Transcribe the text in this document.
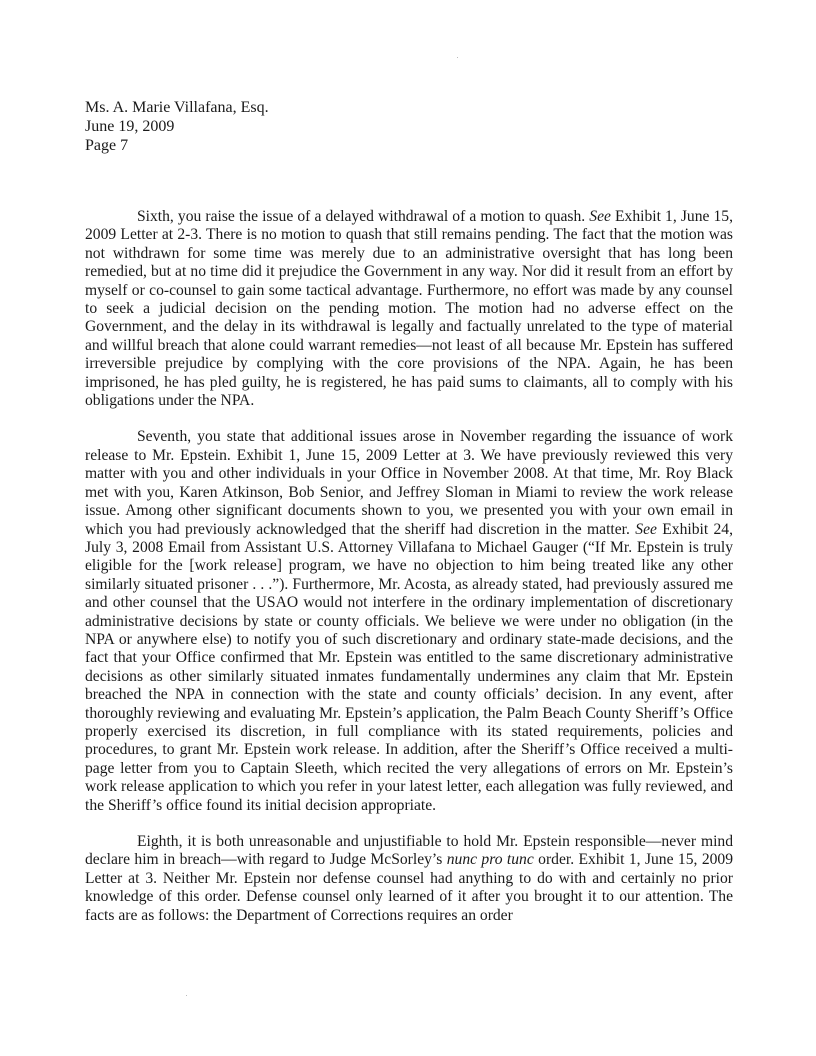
Ms. A. Marie Villafana, Esq.
June 19, 2009
Page 7

Sixth, you raise the issue of a delayed withdrawal of a motion to quash. See Exhibit 1, June 15, 2009 Letter at 2-3. There is no motion to quash that still remains pending. The fact that the motion was not withdrawn for some time was merely due to an administrative oversight that has long been remedied, but at no time did it prejudice the Government in any way. Nor did it result from an effort by myself or co-counsel to gain some tactical advantage. Furthermore, no effort was made by any counsel to seek a judicial decision on the pending motion. The motion had no adverse effect on the Government, and the delay in its withdrawal is legally and factually unrelated to the type of material and willful breach that alone could warrant remedies—not least of all because Mr. Epstein has suffered irreversible prejudice by complying with the core provisions of the NPA. Again, he has been imprisoned, he has pled guilty, he is registered, he has paid sums to claimants, all to comply with his obligations under the NPA.

Seventh, you state that additional issues arose in November regarding the issuance of work release to Mr. Epstein. Exhibit 1, June 15, 2009 Letter at 3. We have previously reviewed this very matter with you and other individuals in your Office in November 2008. At that time, Mr. Roy Black met with you, Karen Atkinson, Bob Senior, and Jeffrey Sloman in Miami to review the work release issue. Among other significant documents shown to you, we presented you with your own email in which you had previously acknowledged that the sheriff had discretion in the matter. See Exhibit 24, July 3, 2008 Email from Assistant U.S. Attorney Villafana to Michael Gauger (“If Mr. Epstein is truly eligible for the [work release] program, we have no objection to him being treated like any other similarly situated prisoner . . .”). Furthermore, Mr. Acosta, as already stated, had previously assured me and other counsel that the USAO would not interfere in the ordinary implementation of discretionary administrative decisions by state or county officials. We believe we were under no obligation (in the NPA or anywhere else) to notify you of such discretionary and ordinary state-made decisions, and the fact that your Office confirmed that Mr. Epstein was entitled to the same discretionary administrative decisions as other similarly situated inmates fundamentally undermines any claim that Mr. Epstein breached the NPA in connection with the state and county officials’ decision. In any event, after thoroughly reviewing and evaluating Mr. Epstein’s application, the Palm Beach County Sheriff’s Office properly exercised its discretion, in full compliance with its stated requirements, policies and procedures, to grant Mr. Epstein work release. In addition, after the Sheriff’s Office received a multi-page letter from you to Captain Sleeth, which recited the very allegations of errors on Mr. Epstein’s work release application to which you refer in your latest letter, each allegation was fully reviewed, and the Sheriff’s office found its initial decision appropriate.

Eighth, it is both unreasonable and unjustifiable to hold Mr. Epstein responsible—never mind declare him in breach—with regard to Judge McSorley’s nunc pro tunc order. Exhibit 1, June 15, 2009 Letter at 3. Neither Mr. Epstein nor defense counsel had anything to do with and certainly no prior knowledge of this order. Defense counsel only learned of it after you brought it to our attention. The facts are as follows: the Department of Corrections requires an order
